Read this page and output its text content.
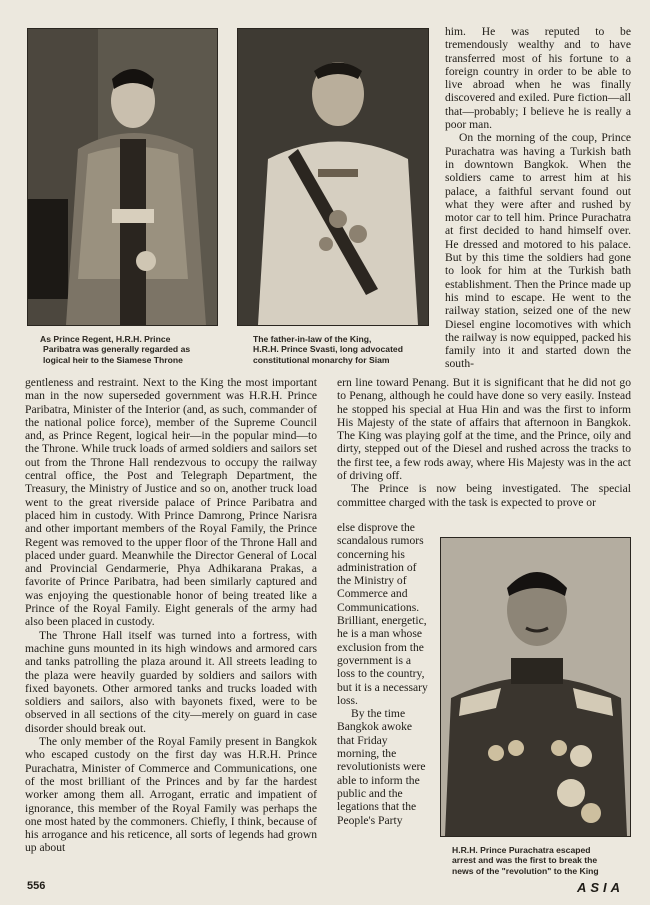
As Prince Regent, H.R.H. Prince
Paribatra was generally regarded as
logical heir to the Siamese Throne
The father-in-law of the King,
H.R.H. Prince Svasti, long advocated
constitutional monarchy for Siam

him. He was reputed to be tremendously wealthy and to have transferred most of his fortune to a foreign country in order to be able to live abroad when he was finally discovered and exiled. Pure fiction—all that—probably; I believe he is really a poor man.

On the morning of the coup, Prince Purachatra was having a Turkish bath in downtown Bangkok. When the soldiers came to arrest him at his palace, a faithful servant found out what they were after and rushed by motor car to tell him. Prince Purachatra at first decided to hand himself over. He dressed and motored to his palace. But by this time the soldiers had gone to look for him at the Turkish bath establishment. Then the Prince made up his mind to escape. He went to the railway station, seized one of the new Diesel engine locomotives with which the railway is now equipped, packed his family into it and started down the south-

gentleness and restraint. Next to the King the most important man in the now superseded government was H.R.H. Prince Paribatra, Minister of the Interior (and, as such, commander of the national police force), member of the Supreme Council and, as Prince Regent, logical heir—in the popular mind—to the Throne. While truck loads of armed soldiers and sailors set out from the Throne Hall rendezvous to occupy the railway central office, the Post and Telegraph Department, the Treasury, the Ministry of Justice and so on, another truck load went to the great riverside palace of Prince Paribatra and placed him in custody. With Prince Damrong, Prince Narisra and other important members of the Royal Family, the Prince Regent was removed to the upper floor of the Throne Hall and placed under guard. Meanwhile the Director General of Local and Provincial Gendarmerie, Phya Adhikarana Prakas, a favorite of Prince Paribatra, had been similarly captured and was enjoying the questionable honor of being treated like a Prince of the Royal Family. Eight generals of the army had also been placed in custody.

The Throne Hall itself was turned into a fortress, with machine guns mounted in its high windows and armored cars and tanks patrolling the plaza around it. All streets leading to the plaza were heavily guarded by soldiers and sailors with fixed bayonets. Other armored tanks and trucks loaded with soldiers and sailors, also with bayonets fixed, were to be observed in all sections of the city—merely on guard in case disorder should break out.

The only member of the Royal Family present in Bangkok who escaped custody on the first day was H.R.H. Prince Purachatra, Minister of Commerce and Communications, one of the most brilliant of the Princes and by far the hardest worker among them all. Arrogant, erratic and impatient of ignorance, this member of the Royal Family was perhaps the one most hated by the commoners. Chiefly, I think, because of his arrogance and his reticence, all sorts of legends had grown up about

ern line toward Penang. But it is significant that he did not go to Penang, although he could have done so very easily. Instead he stopped his special at Hua Hin and was the first to inform His Majesty of the state of affairs that afternoon in Bangkok. The King was playing golf at the time, and the Prince, oily and dirty, stepped out of the Diesel and rushed across the tracks to the first tee, a few rods away, where His Majesty was in the act of driving off.

The Prince is now being investigated. The special committee charged with the task is expected to prove or

else disprove the scandalous rumors concerning his administration of the Ministry of Commerce and Communications. Brilliant, energetic, he is a man whose exclusion from the government is a loss to the country, but it is a necessary loss.

By the time Bangkok awoke that Friday morning, the revolutionists were able to inform the public and the legations that the People's Party

H.R.H. Prince Purachatra escaped
arrest and was the first to break the
news of the "revolution" to the King
556	ASIA
